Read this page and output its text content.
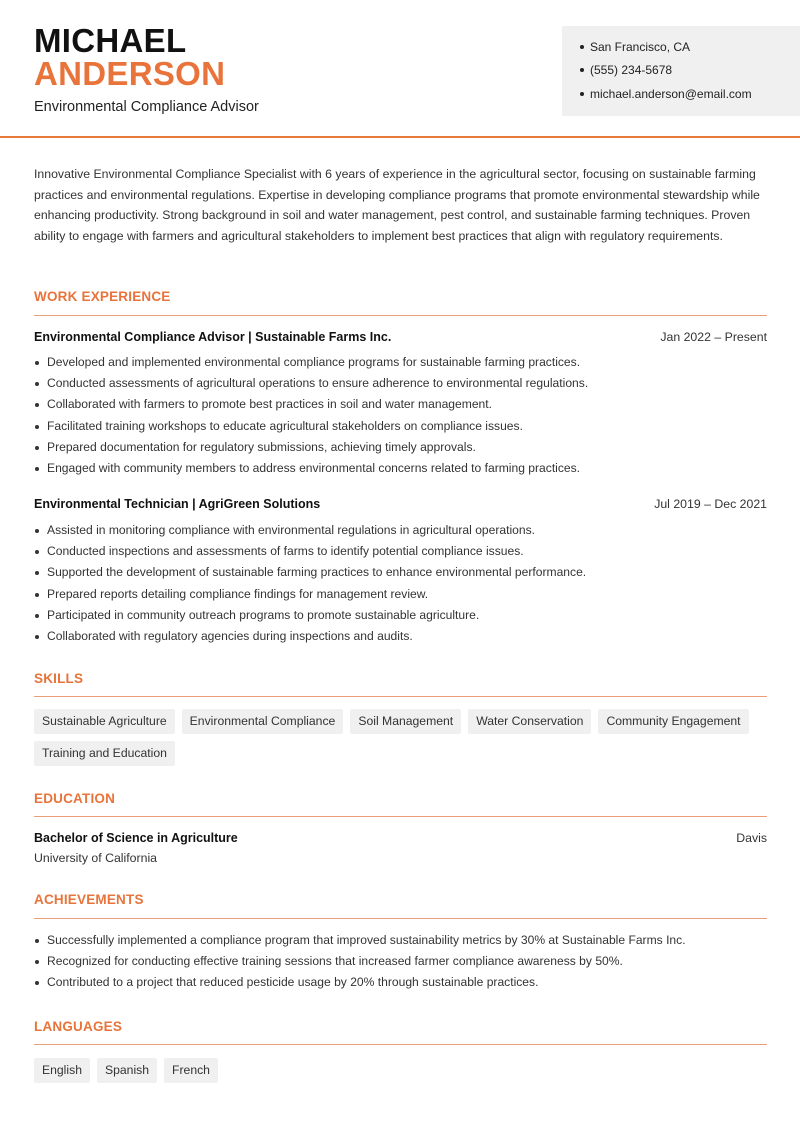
MICHAEL
ANDERSON
Environmental Compliance Advisor
San Francisco, CA
(555) 234-5678
michael.anderson@email.com

Innovative Environmental Compliance Specialist with 6 years of experience in the agricultural sector, focusing on sustainable farming practices and environmental regulations. Expertise in developing compliance programs that promote environmental stewardship while enhancing productivity. Strong background in soil and water management, pest control, and sustainable farming techniques. Proven ability to engage with farmers and agricultural stakeholders to implement best practices that align with regulatory requirements.

WORK EXPERIENCE
Environmental Compliance Advisor | Sustainable Farms Inc.	Jan 2022 – Present
Developed and implemented environmental compliance programs for sustainable farming practices.
Conducted assessments of agricultural operations to ensure adherence to environmental regulations.
Collaborated with farmers to promote best practices in soil and water management.
Facilitated training workshops to educate agricultural stakeholders on compliance issues.
Prepared documentation for regulatory submissions, achieving timely approvals.
Engaged with community members to address environmental concerns related to farming practices.
Environmental Technician | AgriGreen Solutions	Jul 2019 – Dec 2021
Assisted in monitoring compliance with environmental regulations in agricultural operations.
Conducted inspections and assessments of farms to identify potential compliance issues.
Supported the development of sustainable farming practices to enhance environmental performance.
Prepared reports detailing compliance findings for management review.
Participated in community outreach programs to promote sustainable agriculture.
Collaborated with regulatory agencies during inspections and audits.
SKILLS
Sustainable Agriculture	Environmental Compliance	Soil Management	Water Conservation	Community Engagement
Training and Education
EDUCATION
Bachelor of Science in Agriculture	Davis
University of California
ACHIEVEMENTS
Successfully implemented a compliance program that improved sustainability metrics by 30% at Sustainable Farms Inc.
Recognized for conducting effective training sessions that increased farmer compliance awareness by 50%.
Contributed to a project that reduced pesticide usage by 20% through sustainable practices.
LANGUAGES
English	Spanish	French
